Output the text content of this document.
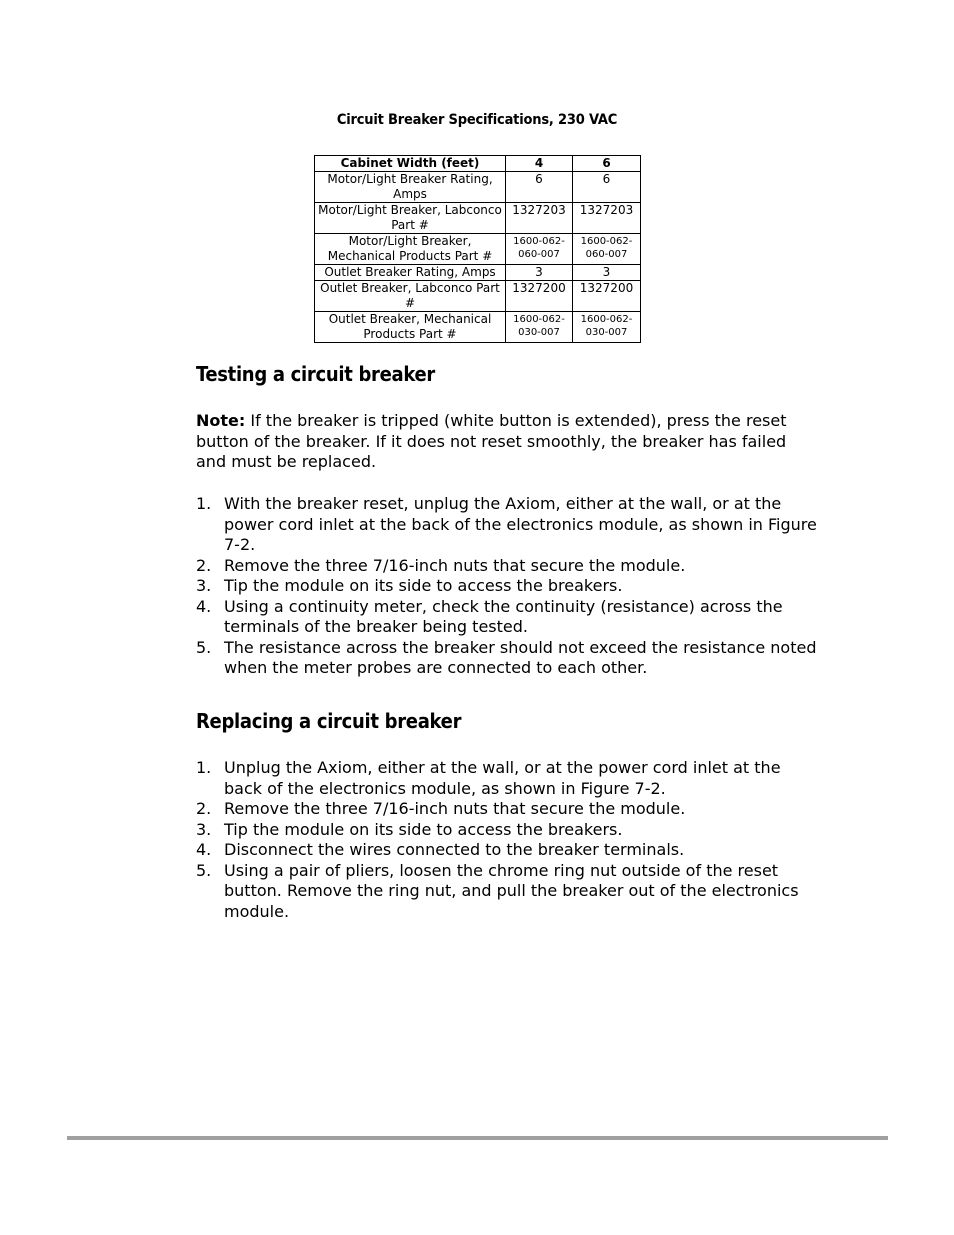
Circuit Breaker Specifications, 230 VAC
Cabinet Width (feet)	4	6
Motor/Light Breaker Rating, Amps	6	6
Motor/Light Breaker, Labconco Part #	1327203	1327203
Motor/Light Breaker, Mechanical Products Part #	1600-062-060-007	1600-062-060-007
Outlet Breaker Rating, Amps	3	3
Outlet Breaker, Labconco Part #	1327200	1327200
Outlet Breaker, Mechanical Products Part #	1600-062-030-007	1600-062-030-007
Testing a circuit breaker

Note: If the breaker is tripped (white button is extended), press the reset button of the breaker. If it does not reset smoothly, the breaker has failed and must be replaced.

1. With the breaker reset, unplug the Axiom, either at the wall, or at the power cord inlet at the back of the electronics module, as shown in Figure 7-2.
2. Remove the three 7/16-inch nuts that secure the module.
3. Tip the module on its side to access the breakers.
4. Using a continuity meter, check the continuity (resistance) across the terminals of the breaker being tested.
5. The resistance across the breaker should not exceed the resistance noted when the meter probes are connected to each other.
Replacing a circuit breaker
1. Unplug the Axiom, either at the wall, or at the power cord inlet at the back of the electronics module, as shown in Figure 7-2.
2. Remove the three 7/16-inch nuts that secure the module.
3. Tip the module on its side to access the breakers.
4. Disconnect the wires connected to the breaker terminals.
5. Using a pair of pliers, loosen the chrome ring nut outside of the reset button. Remove the ring nut, and pull the breaker out of the electronics module.
